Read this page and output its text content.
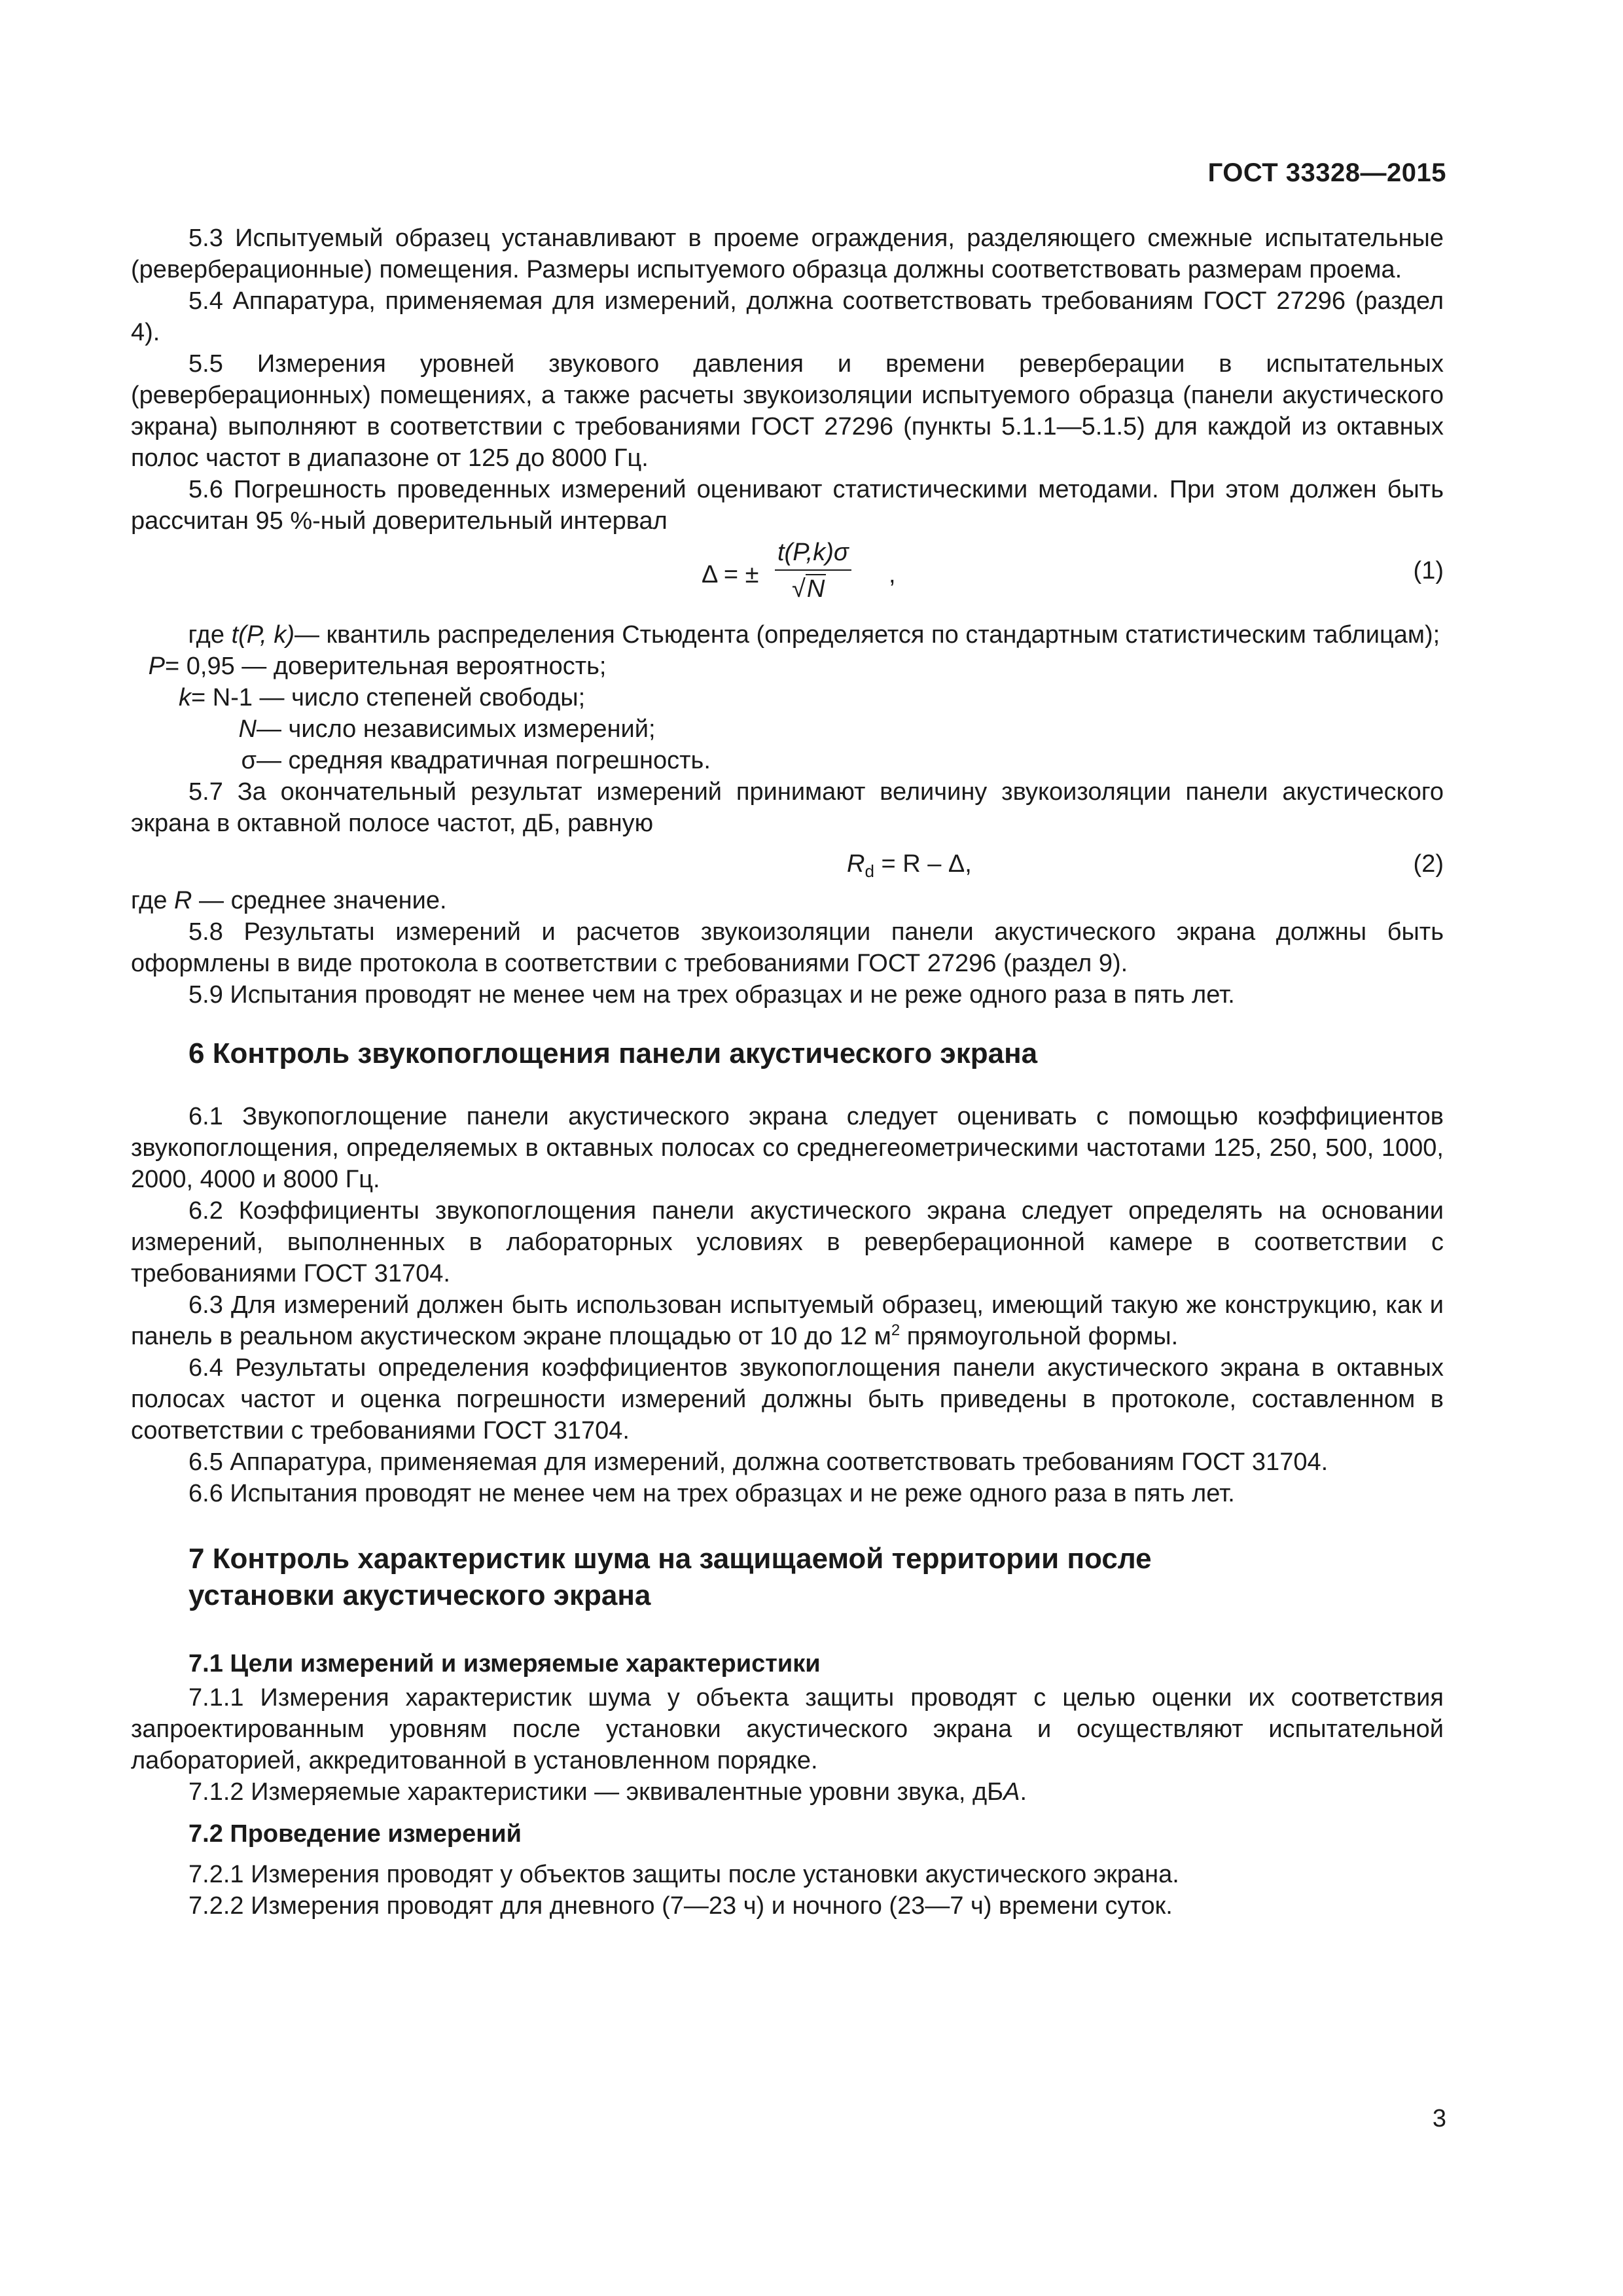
ГОСТ 33328—2015

5.3 Испытуемый образец устанавливают в проеме ограждения, разделяющего смежные испытательные (реверберационные) помещения. Размеры испытуемого образца должны соответствовать размерам проема.

5.4 Аппаратура, применяемая для измерений, должна соответствовать требованиям ГОСТ 27296 (раздел 4).

5.5 Измерения уровней звукового давления и времени реверберации в испытательных (реверберационных) помещениях, а также расчеты звукоизоляции испытуемого образца (панели акустического экрана) выполняют в соответствии с требованиями ГОСТ 27296 (пункты 5.1.1—5.1.5) для каждой из октавных полос частот в диапазоне от 125 до 8000 Гц.

5.6 Погрешность проведенных измерений оценивают статистическими методами. При этом должен быть рассчитан 95 %-ный доверительный интервал

Δ = ±
t(P,k)σ
√N
,	(1)
где t(P, k) — квантиль распределения Стьюдента (определяется по стандартным статистическим таблицам);
P = 0,95 — доверительная вероятность;
k = N-1 — число степеней свободы;
N — число независимых измерений;
σ — средняя квадратичная погрешность.

5.7 За окончательный результат измерений принимают величину звукоизоляции панели акустического экрана в октавной полосе частот, дБ, равную

$R_d = R - \Delta$,	(2)

где R — среднее значение.

5.8 Результаты измерений и расчетов звукоизоляции панели акустического экрана должны быть оформлены в виде протокола в соответствии с требованиями ГОСТ 27296 (раздел 9).

5.9 Испытания проводят не менее чем на трех образцах и не реже одного раза в пять лет.

6 Контроль звукопоглощения панели акустического экрана

6.1 Звукопоглощение панели акустического экрана следует оценивать с помощью коэффициентов звукопоглощения, определяемых в октавных полосах со среднегеометрическими частотами 125, 250, 500, 1000, 2000, 4000 и 8000 Гц.

6.2 Коэффициенты звукопоглощения панели акустического экрана следует определять на основании измерений, выполненных в лабораторных условиях в реверберационной камере в соответствии с требованиями ГОСТ 31704.

6.3 Для измерений должен быть использован испытуемый образец, имеющий такую же конструкцию, как и панель в реальном акустическом экране площадью от 10 до 12 $м^2$ прямоугольной формы.

6.4 Результаты определения коэффициентов звукопоглощения панели акустического экрана в октавных полосах частот и оценка погрешности измерений должны быть приведены в протоколе, составленном в соответствии с требованиями ГОСТ 31704.

6.5 Аппаратура, применяемая для измерений, должна соответствовать требованиям ГОСТ 31704.

6.6 Испытания проводят не менее чем на трех образцах и не реже одного раза в пять лет.

7 Контроль характеристик шума на защищаемой территории после
установки акустического экрана
7.1 Цели измерений и измеряемые характеристики

7.1.1 Измерения характеристик шума у объекта защиты проводят с целью оценки их соответствия запроектированным уровням после установки акустического экрана и осуществляют испытательной лабораторией, аккредитованной в установленном порядке.

7.1.2 Измеряемые характеристики — эквивалентные уровни звука, дБА.

7.2 Проведение измерений

7.2.1 Измерения проводят у объектов защиты после установки акустического экрана.

7.2.2 Измерения проводят для дневного (7—23 ч) и ночного (23—7 ч) времени суток.

3
